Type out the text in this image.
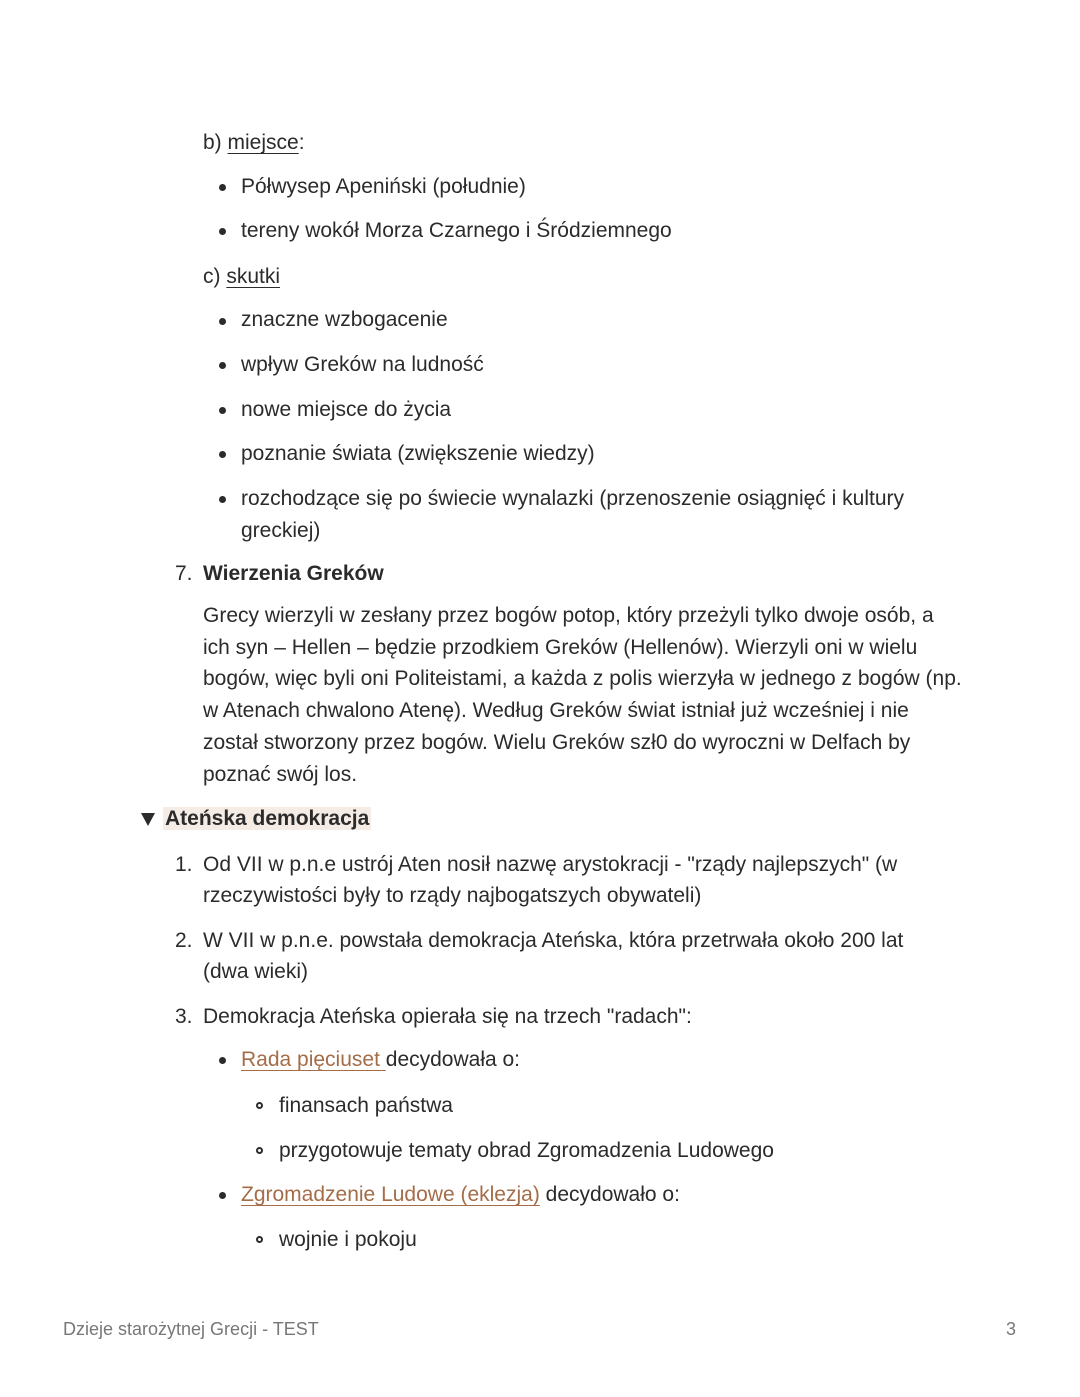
b) miejsce:
Półwysep Apeniński (południe)
tereny wokół Morza Czarnego i Śródziemnego
c) skutki
znaczne wzbogacenie
wpływ Greków na ludność
nowe miejsce do życia
poznanie świata (zwiększenie wiedzy)
rozchodzące się po świecie wynalazki (przenoszenie osiągnięć i kultury
greckiej)
7. Wierzenia Greków
Grecy wierzyli w zesłany przez bogów potop, który przeżyli tylko dwoje osób, a ich syn – Hellen – będzie przodkiem Greków (Hellenów). Wierzyli oni w wielu bogów, więc byli oni Politeistami, a każda z polis wierzyła w jednego z bogów (np. w Atenach chwalono Atenę). Według Greków świat istniał już wcześniej i nie został stworzony przez bogów. Wielu Greków szł0 do wyroczni w Delfach by poznać swój los.
Ateńska demokracja
1. Od VII w p.n.e ustrój Aten nosił nazwę arystokracji - "rządy najlepszych" (w
rzeczywistości były to rządy najbogatszych obywateli)
2. W VII w p.n.e. powstała demokracja Ateńska, która przetrwała około 200 lat
(dwa wieki)
3. Demokracja Ateńska opierała się na trzech "radach":
Rada pięciuset decydowała o:
finansach państwa
przygotowuje tematy obrad Zgromadzenia Ludowego
Zgromadzenie Ludowe (eklezja) decydowało o:
wojnie i pokoju
Dzieje starożytnej Grecji - TEST	3
